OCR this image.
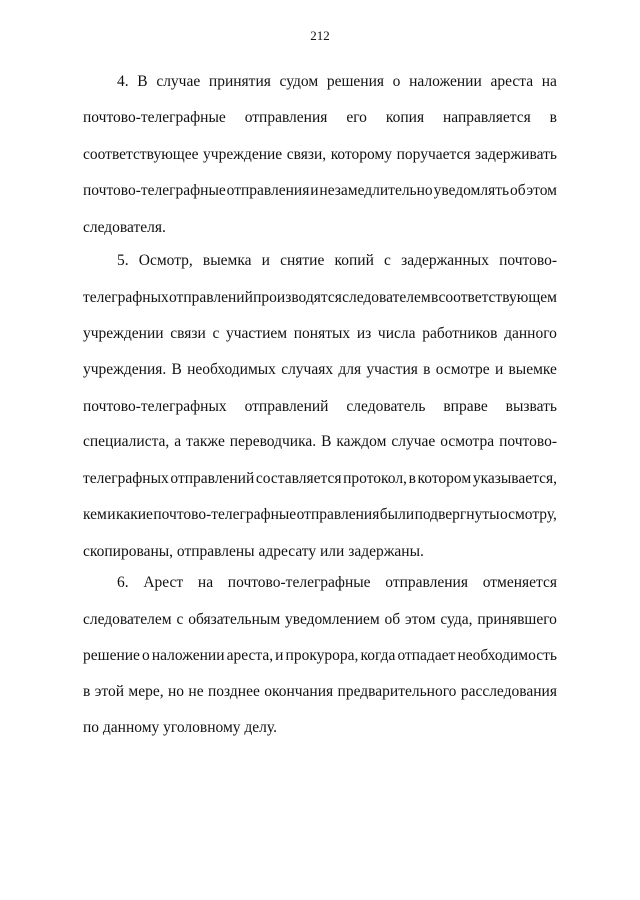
212
4. В случае принятия судом решения о наложении ареста на
почтово-телеграфные отправления его копия направляется в
соответствующее учреждение связи, которому поручается задерживать
почтово-телеграфные отправления и незамедлительно уведомлять об этом
следователя.
5. Осмотр, выемка и снятие копий с задержанных почтово-
телеграфных отправлений производятся следователем в соответствующем
учреждении связи с участием понятых из числа работников данного
учреждения. В необходимых случаях для участия в осмотре и выемке
почтово-телеграфных отправлений следователь вправе вызвать
специалиста, а также переводчика. В каждом случае осмотра почтово-
телеграфных отправлений составляется протокол, в котором указывается,
кем и какие почтово-телеграфные отправления были подвергнуты осмотру,
скопированы, отправлены адресату или задержаны.
6. Арест на почтово-телеграфные отправления отменяется
следователем с обязательным уведомлением об этом суда, принявшего
решение о наложении ареста, и прокурора, когда отпадает необходимость
в этой мере, но не позднее окончания предварительного расследования
по данному уголовному делу.
